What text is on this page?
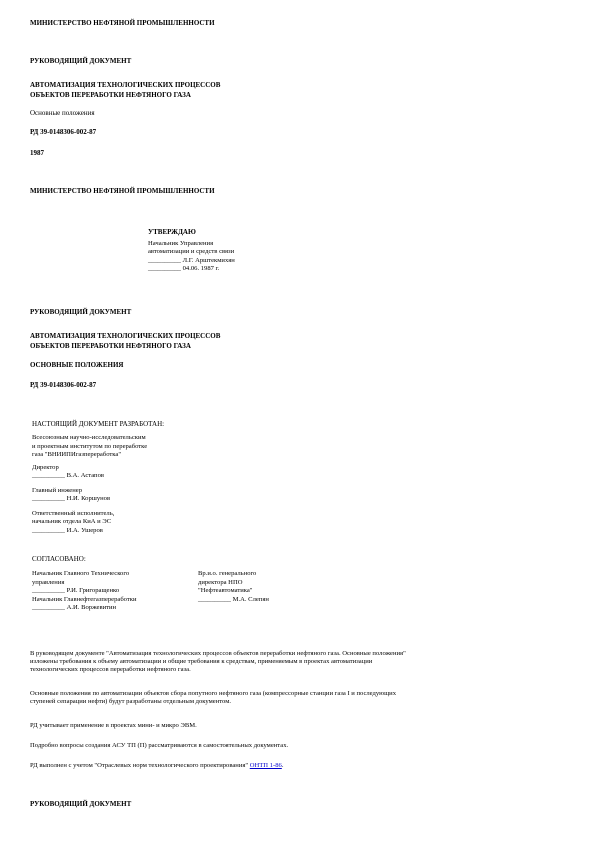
МИНИСТЕРСТВО НЕФТЯНОЙ ПРОМЫШЛЕННОСТИ
РУКОВОДЯЩИЙ ДОКУМЕНТ
АВТОМАТИЗАЦИЯ ТЕХНОЛОГИЧЕСКИХ ПРОЦЕССОВ
ОБЪЕКТОВ ПЕРЕРАБОТКИ НЕФТЯНОГО ГАЗА
Основные положения
РД 39-0148306-002-87
1987
МИНИСТЕРСТВО НЕФТЯНОЙ ПРОМЫШЛЕННОСТИ
УТВЕРЖДАЮ
Начальник Управления
автоматизации и средств связи
__________ Л.Г. Арштекмихян
__________ 04.06. 1987 г.
РУКОВОДЯЩИЙ ДОКУМЕНТ
АВТОМАТИЗАЦИЯ ТЕХНОЛОГИЧЕСКИХ ПРОЦЕССОВ
ОБЪЕКТОВ ПЕРЕРАБОТКИ НЕФТЯНОГО ГАЗА
ОСНОВНЫЕ ПОЛОЖЕНИЯ
РД 39-0148306-002-87
НАСТОЯЩИЙ ДОКУМЕНТ РАЗРАБОТАН:
Всесоюзным научно-исследовательским
и проектным институтом по переработке
газа "ВНИИПИгазпереработка"
Директор
__________ В.А. Астапов
Главный инженер
__________ Н.И. Коршунов
Ответственный исполнитель,
начальник отдела КиА и ЭС
__________ И.А. Ушеров
СОГЛАСОВАНО:
Начальник Главного Технического
управления
__________ Р.И. Григоращенко
Начальник Главнефтегазпереработки
__________ А.И. Воржевитин
Вр.и.о. генерального
директора НПО
"Нефтеавтоматика"
__________ М.А. Слепян
В руководящем документе "Автоматизация технологических процессов объектов переработки нефтяного газа. Основные положения"
изложены требования к объему автоматизации и общие требования к средствам, применяемым в проектах автоматизации
технологических процессов переработки нефтяного газа.
Основные положения по автоматизации объектов сбора попутного нефтяного газа (компрессорные станции газа I и последующих
ступеней сепарации нефти) будут разработаны отдельным документом.
РД учитывает применение в проектах мини- и микро ЭВМ.
Подробно вопросы создания АСУ ТП (П) рассматриваются в самостоятельных документах.
РД выполнен с учетом "Отраслевых норм технологического проектирования" ОНТП 1-86.
РУКОВОДЯЩИЙ ДОКУМЕНТ
